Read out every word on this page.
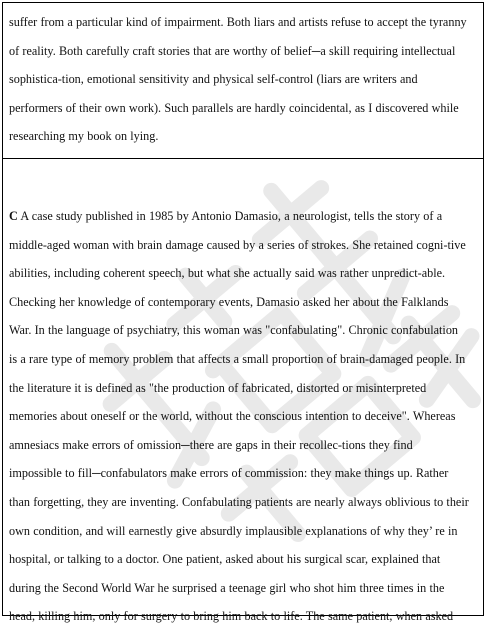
suffer from a particular kind of impairment. Both liars and artists refuse to accept the tyranny
of reality. Both carefully craft stories that are worthy of belief─a skill requiring intellectual
sophistica-tion, emotional sensitivity and physical self-control (liars are writers and
performers of their own work). Such parallels are hardly coincidental, as I discovered while
researching my book on lying.
C A case study published in 1985 by Antonio Damasio, a neurologist, tells the story of a
middle-aged woman with brain damage caused by a series of strokes. She retained cogni-tive
abilities, including coherent speech, but what she actually said was rather unpredict-able.
Checking her knowledge of contemporary events, Damasio asked her about the Falklands
War. In the language of psychiatry, this woman was "confabulating". Chronic confabulation
is a rare type of memory problem that affects a small proportion of brain-damaged people. In
the literature it is defined as "the production of fabricated, distorted or misinterpreted
memories about oneself or the world, without the conscious intention to deceive". Whereas
amnesiacs make errors of omission─there are gaps in their recollec-tions they find
impossible to fill─confabulators make errors of commission: they make things up. Rather
than forgetting, they are inventing. Confabulating patients are nearly always oblivious to their
own condition, and will earnestly give absurdly implausible explanations of why they’ re in
hospital, or talking to a doctor. One patient, asked about his surgical scar, explained that
during the Second World War he surprised a teenage girl who shot him three times in the
head, killing him, only for surgery to bring him back to life. The same patient, when asked
